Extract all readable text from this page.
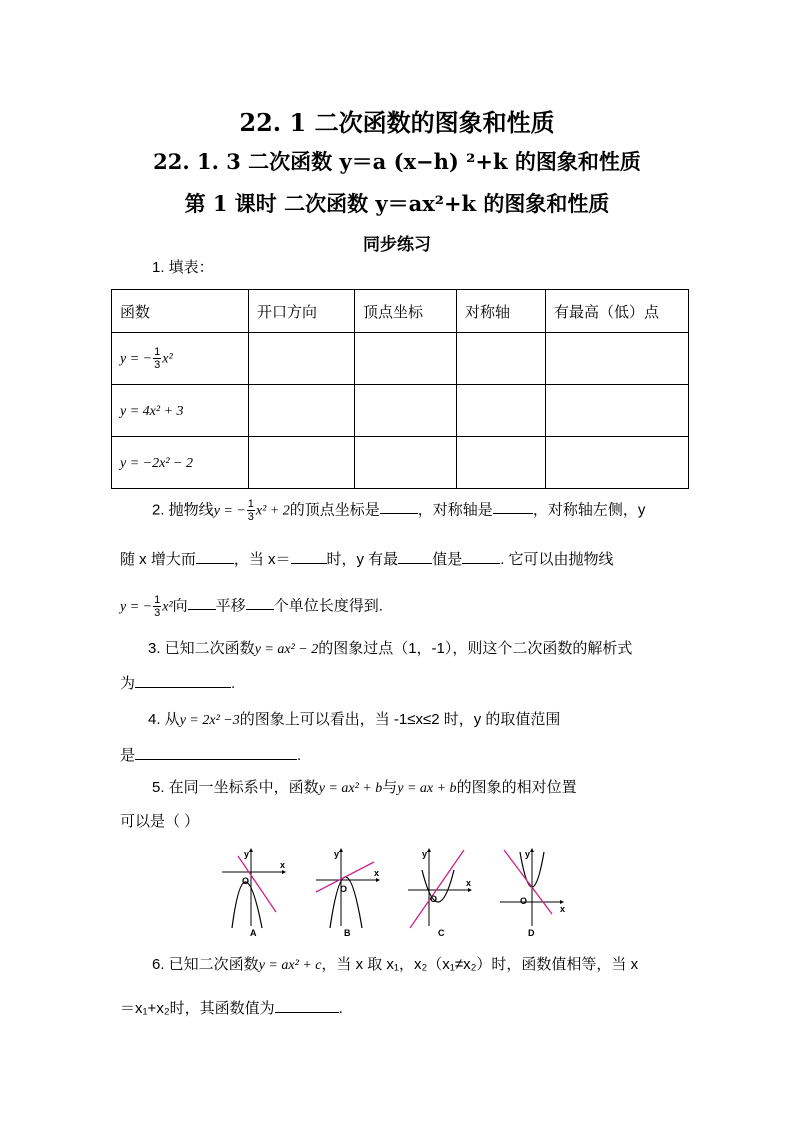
22. 1 二次函数的图象和性质
22. 1. 3 二次函数 y＝a (x−h) ²+k 的图象和性质
第 1 课时 二次函数 y＝ax²+k 的图象和性质
同步练习
1. 填表：
函数	开口方向	顶点坐标	对称轴	有最高（低）点
y = − $\frac{1}{3} x^2$				
y = 4x² + 3				
y = −2x² − 2				
2. 抛物线y = − $\frac{1}{3} x^2 + 2$的顶点坐标是	，对称轴是	，对称轴左侧，y
随 x 增大而	，当 x＝ 时，y 有最 值是	. 它可以由抛物线
y = − $\frac{1}{3} x^2$向 平移 个单位长度得到.
3. 已知二次函数y = ax² − 2的图象过点（1，-1），则这个二次函数的解析式
为	.
4. 从y = 2x² −3的图象上可以看出，当 -1≤x≤2 时，y 的取值范围
是	.
5. 在同一坐标系中，函数y = ax² + b与y = ax + b的图象的相对位置
可以是（ ）
y
x
O
A
y
x
O
B
y
x
O
C
y
x
O
D
6. 已知二次函数y = ax² + c，当 x 取 x₁，x₂（x₁≠x₂）时，函数值相等，当 x
＝x₁+x₂时，其函数值为	.
